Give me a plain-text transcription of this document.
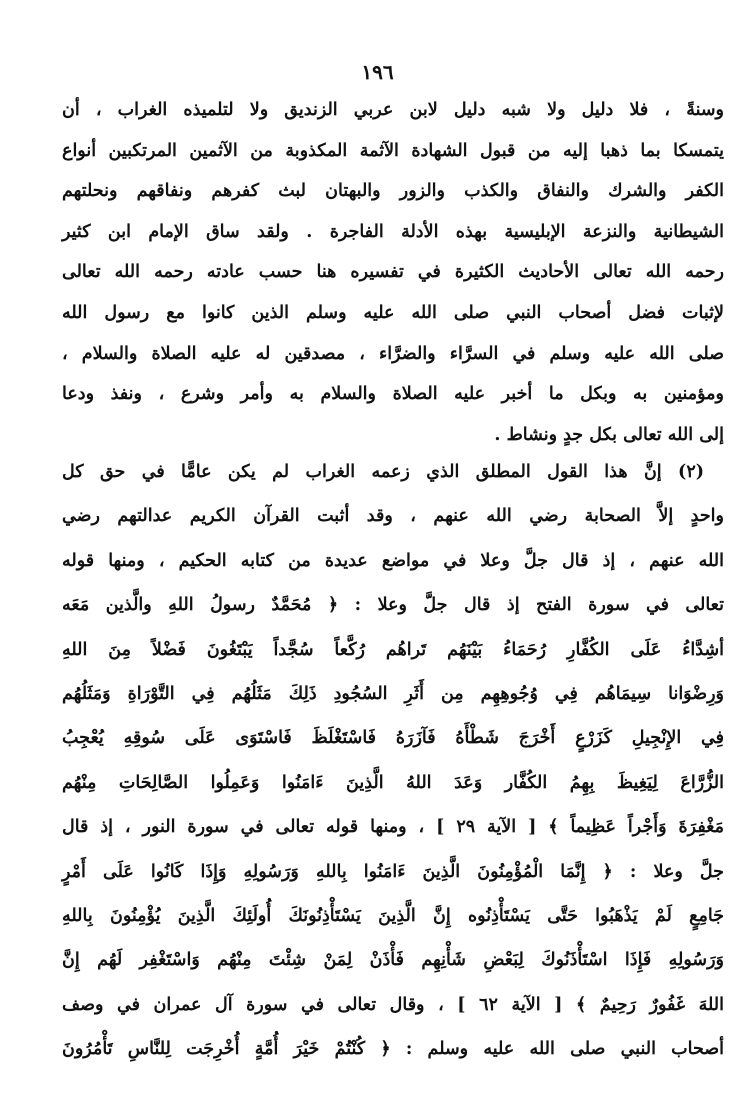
١٩٦
وسنةً ، فلا دليل ولا شبه دليل لابن عربي الزنديق ولا لتلميذه الغراب ، أن
يتمسكا بما ذهبا إليه من قبول الشهادة الآثمة المكذوبة من الآثمين المرتكبين أنواع
الكفر والشرك والنفاق والكذب والزور والبهتان لبث كفرهم ونفاقهم ونحلتهم
الشيطانية والنزعة الإبليسية بهذه الأدلة الفاجرة . ولقد ساق الإمام ابن كثير
رحمه الله تعالى الأحاديث الكثيرة في تفسيره هنا حسب عادته رحمه الله تعالى
لإثبات فضل أصحاب النبي صلى الله عليه وسلم الذين كانوا مع رسول الله
صلى الله عليه وسلم في السرَّاء والضرَّاء ، مصدقين له عليه الصلاة والسلام ،
ومؤمنين به وبكل ما أخبر عليه الصلاة والسلام به وأمر وشرع ، ونفذ ودعا
إلى الله تعالى بكل جدٍ ونشاط .
(٢) إنَّ هذا القول المطلق الذي زعمه الغراب لم يكن عامًّا في حق كل
واحدٍ إلاَّ الصحابة رضي الله عنهم ، وقد أثبت القرآن الكريم عدالتهم رضي
الله عنهم ، إذ قال جلَّ وعلا في مواضع عديدة من كتابه الحكيم ، ومنها قوله
تعالى في سورة الفتح إذ قال جلَّ وعلا : ﴿ مُحَمَّدٌ رسولُ اللهِ والَّذين مَعَه
أشِدَّاءُ عَلَى الكُفَّارِ رُحَمَاءُ بَيْنَهُم تَراهُم رُكَّعاً سُجَّداً يَبْتَغُونَ فَضْلاً مِنَ اللهِ
وَرِضْوَانا سِيمَاهُم فِي وُجُوهِهِم مِن أَثَرِ السُجُودِ ذَلِكَ مَثَلُهُم فِي التَّوْرَاةِ وَمَثَلُهُم
فِي الإِنْجِيلِ كَزَرْعٍ أَخْرَجَ شَطْأَهُ فَآزَرَهُ فَاسْتَغْلَظَ فَاسْتَوَى عَلَى سُوقِهِ يُعْجِبُ
الزُّرَّاعَ لِيَغِيظَ بِهِمُ الكُفَّار وَعَدَ اللهُ الَّذِينَ ءَامَنُوا وَعَمِلُوا الصَّالِحَاتِ مِنْهُم
مَغْفِرَةَ وَأَجْراً عَظِيماً ﴾ [ الآية ٢٩ ] ، ومنها قوله تعالى في سورة النور ، إذ قال
جلَّ وعلا : ﴿ إِنَّمَا الْمُؤْمِنُونَ الَّذِينَ ءَامَنُوا بِاللهِ وَرَسُولِهِ وَإِذَا كَانُوا عَلَى أَمْرٍ
جَامِعٍ لَمْ يَذْهَبُوا حَتَّى يَسْتَأْذِنُوه إِنَّ الَّذِينَ يَسْتَأْذِنُونَكَ أُولَئِكَ الَّذِينَ يُؤْمِنُونَ بِاللهِ
وَرَسُولِهِ فَإِذَا اسْتَأْذَنُوكَ لِبَعْضِ شَأْنِهِم فَأْذَنْ لِمَنْ شِئْتَ مِنْهُم وَاسْتَغْفِر لَهُم إِنَّ
اللهَ غَفُورٌ رَحِيمٌ ﴾ [ الآية ٦٢ ] ، وقال تعالى في سورة آل عمران في وصف
أصحاب النبي صلى الله عليه وسلم : ﴿ كُنْتُمْ خَيْرَ أُمَّةٍ أُخْرِجَت لِلنَّاسِ تَأْمُرُونَ
